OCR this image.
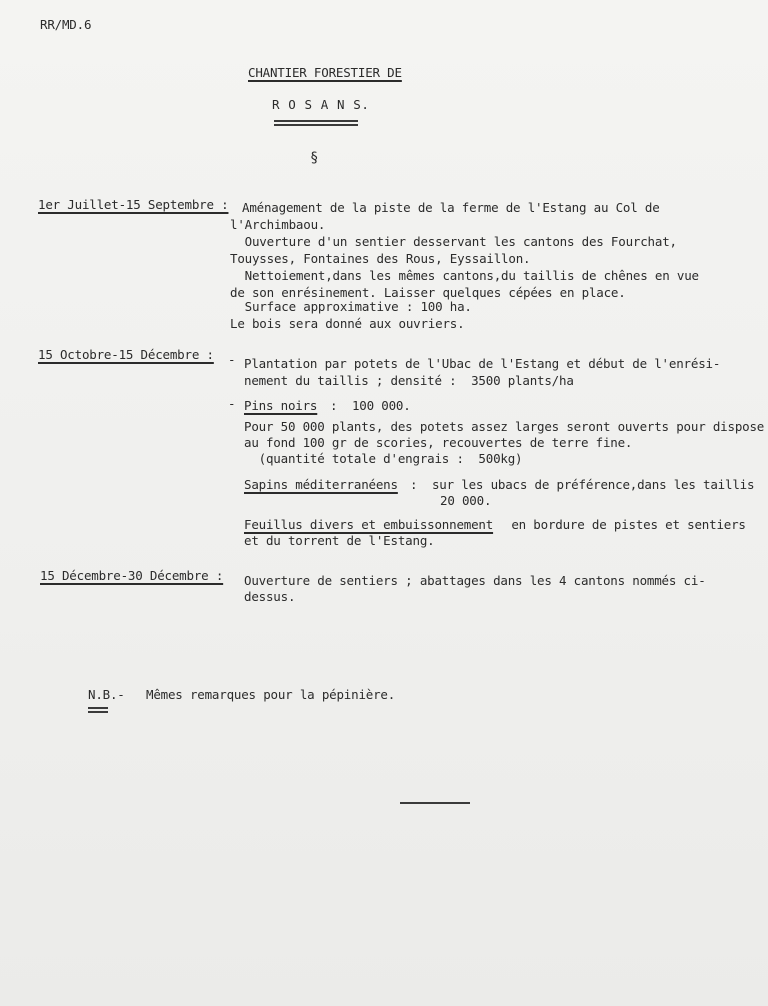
RR/MD.6
CHANTIER FORESTIER DE
R O S A N S.
§
1er Juillet-15 Septembre : Aménagement de la piste de la ferme de l'Estang au Col de
l'Archimbaou.
Ouverture d'un sentier desservant les cantons des Fourchat,
Touysses, Fontaines des Rous, Eyssaillon.
Nettoiement,dans les mêmes cantons,du taillis de chênes en vue
de son enrésinement. Laisser quelques cépées en place.
Surface approximative : 100 ha.
Le bois sera donné aux ouvriers.
15 Octobre-15 Décembre : - Plantation par potets de l'Ubac de l'Estang et début de l'enrési-
nement du taillis ; densité :  3500 plants/ha
- Pins noirs :  100 000.
Pour 50 000 plants, des potets assez larges seront ouverts pour dispose
au fond 100 gr de scories, recouvertes de terre fine.
(quantité totale d'engrais :  500kg)
Sapins méditerranéens :  sur les ubacs de préférence,dans les taillis
20 000.
Feuillus divers et embuissonnement en bordure de pistes et sentiers
et du torrent de l'Estang.
15 Décembre-30 Décembre : Ouverture de sentiers ; abattages dans les 4 cantons nommés ci-
dessus.
N.B.- Mêmes remarques pour la pépinière.
